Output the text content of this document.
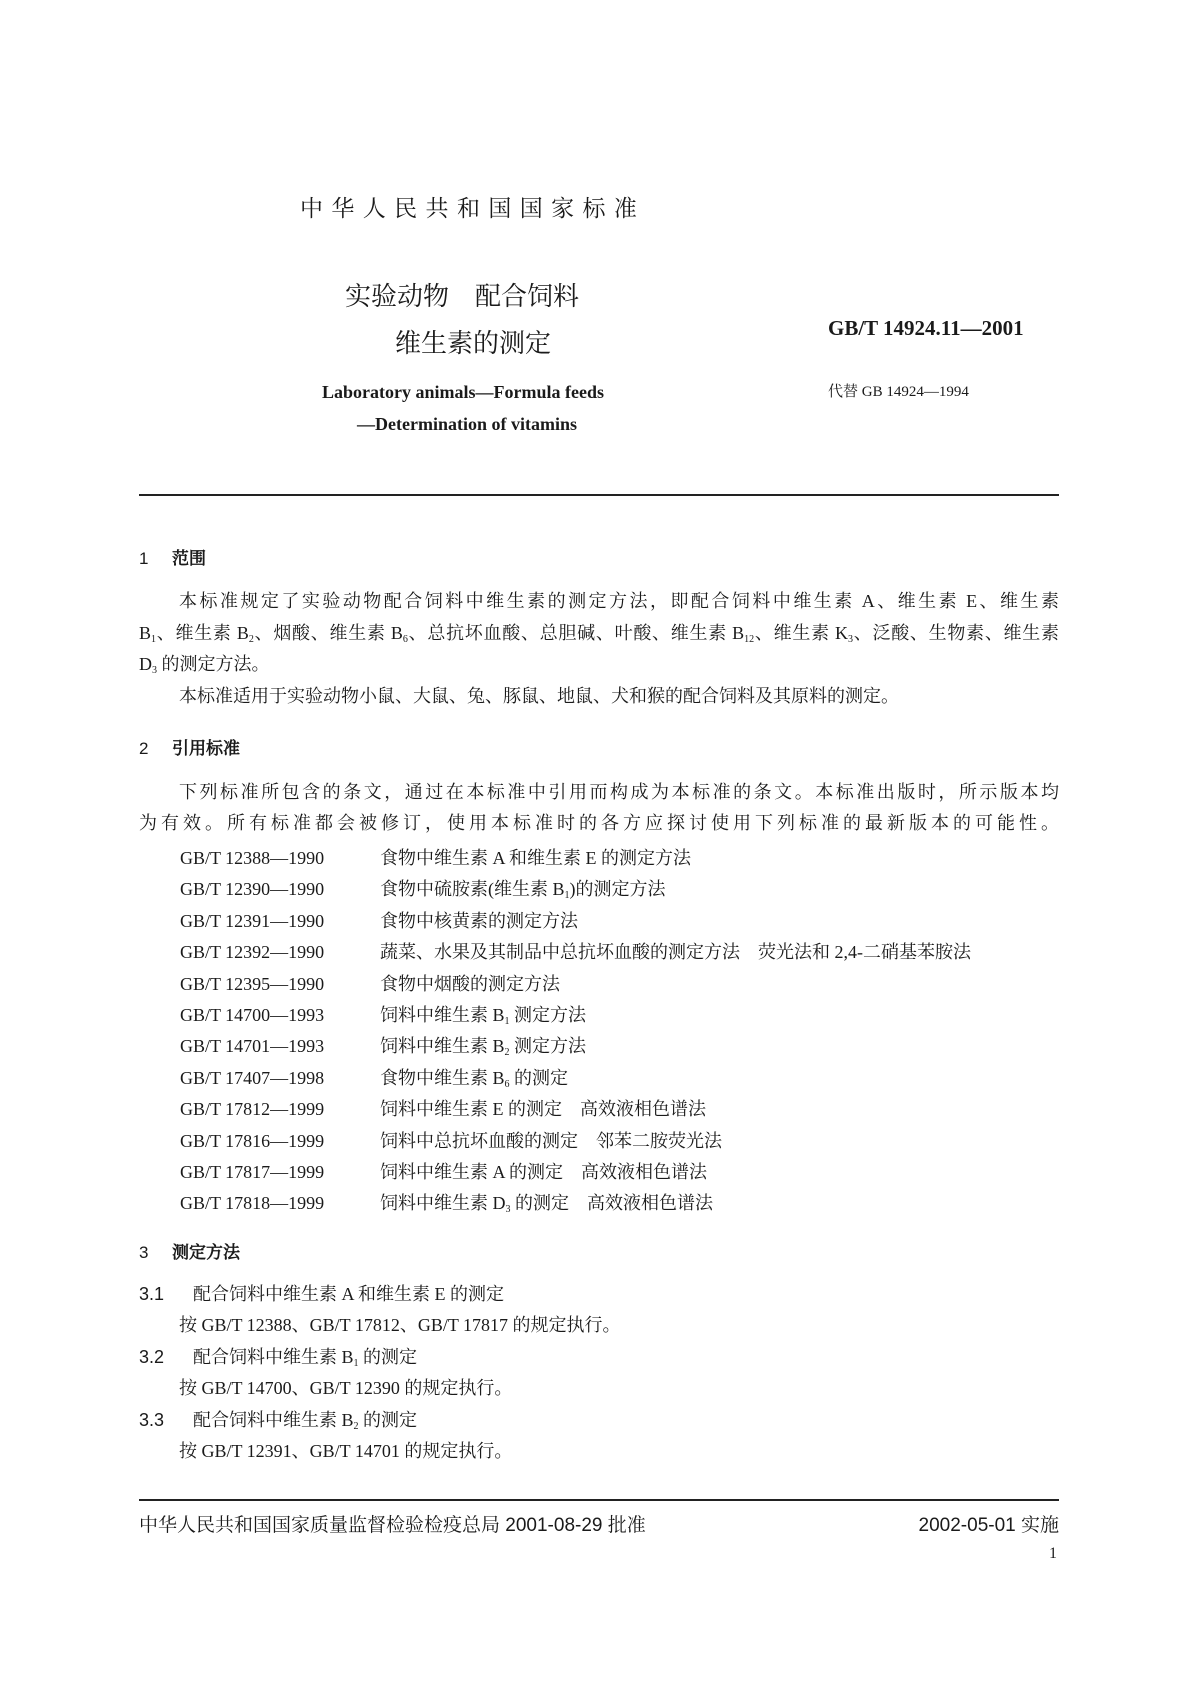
中 华 人 民 共 和 国 国 家 标 准
实验动物　配合饲料
维生素的测定	GB/T 14924.11—2001
代替 GB 14924—1994
Laboratory animals—Formula feeds
—Determination of vitamins
1 范围
本标准规定了实验动物配合饲料中维生素的测定方法，即配合饲料中维生素 A、维生素 E、维生素
$B_1$、维生素 $B_2$、烟酸、维生素 $B_6$、总抗坏血酸、总胆碱、叶酸、维生素 $B_{12}$、维生素 $K_3$、泛酸、生物素、维生素
$D_3$ 的测定方法。
本标准适用于实验动物小鼠、大鼠、兔、豚鼠、地鼠、犬和猴的配合饲料及其原料的测定。
2 引用标准
下列标准所包含的条文，通过在本标准中引用而构成为本标准的条文。本标准出版时，所示版本均
为有效。所有标准都会被修订，使用本标准时的各方应探讨使用下列标准的最新版本的可能性。
GB/T 12388—1990	食物中维生素 A 和维生素 E 的测定方法
GB/T 12390—1990	食物中硫胺素(维生素 $B_1$)的测定方法
GB/T 12391—1990	食物中核黄素的测定方法
GB/T 12392—1990	蔬菜、水果及其制品中总抗坏血酸的测定方法　荧光法和 2,4-二硝基苯胺法
GB/T 12395—1990	食物中烟酸的测定方法
GB/T 14700—1993	饲料中维生素 $B_1$ 测定方法
GB/T 14701—1993	饲料中维生素 $B_2$ 测定方法
GB/T 17407—1998	食物中维生素 $B_6$ 的测定
GB/T 17812—1999	饲料中维生素 E 的测定　高效液相色谱法
GB/T 17816—1999	饲料中总抗坏血酸的测定　邻苯二胺荧光法
GB/T 17817—1999	饲料中维生素 A 的测定　高效液相色谱法
GB/T 17818—1999	饲料中维生素 $D_3$ 的测定　高效液相色谱法
3 测定方法
3.1 配合饲料中维生素 A 和维生素 E 的测定
按 GB/T 12388、GB/T 17812、GB/T 17817 的规定执行。
3.2 配合饲料中维生素 $B_1$ 的测定
按 GB/T 14700、GB/T 12390 的规定执行。
3.3 配合饲料中维生素 $B_2$ 的测定
按 GB/T 12391、GB/T 14701 的规定执行。
中华人民共和国国家质量监督检验检疫总局 2001-08-29 批准	2002-05-01 实施
1
